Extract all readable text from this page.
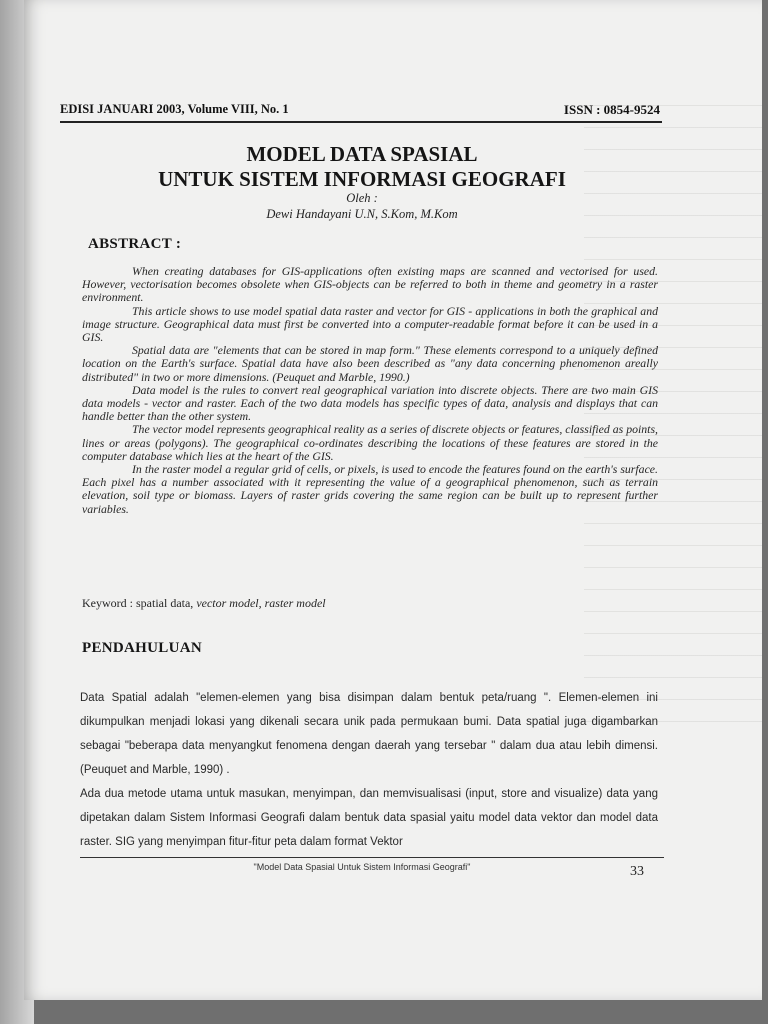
EDISI JANUARI 2003, Volume VIII, No. 1	ISSN : 0854-9524
MODEL DATA SPASIAL
UNTUK SISTEM INFORMASI GEOGRAFI
Oleh :
Dewi Handayani U.N, S.Kom, M.Kom
ABSTRACT :

When creating databases for GIS-applications often existing maps are scanned and vectorised for used. However, vectorisation becomes obsolete when GIS-objects can be referred to both in theme and geometry in a raster environment.

This article shows to use model spatial data raster and vector for GIS - applications in both the graphical and image structure. Geographical data must first be converted into a computer-readable format before it can be used in a GIS.

Spatial data are "elements that can be stored in map form." These elements correspond to a uniquely defined location on the Earth's surface. Spatial data have also been described as "any data concerning phenomenon areally distributed" in two or more dimensions. (Peuquet and Marble, 1990.)

Data model is the rules to convert real geographical variation into discrete objects. There are two main GIS data models - vector and raster. Each of the two data models has specific types of data, analysis and displays that can handle better than the other system.

The vector model represents geographical reality as a series of discrete objects or features, classified as points, lines or areas (polygons). The geographical co-ordinates describing the locations of these features are stored in the computer database which lies at the heart of the GIS.

In the raster model a regular grid of cells, or pixels, is used to encode the features found on the earth's surface. Each pixel has a number associated with it representing the value of a geographical phenomenon, such as terrain elevation, soil type or biomass. Layers of raster grids covering the same region can be built up to represent further variables.

Keyword : spatial data, vector model, raster model
PENDAHULUAN

Data Spatial adalah "elemen-elemen yang bisa disimpan dalam bentuk peta/ruang ". Elemen-elemen ini dikumpulkan menjadi lokasi yang dikenali secara unik pada permukaan bumi. Data spatial juga digambarkan sebagai "beberapa data menyangkut fenomena dengan daerah yang tersebar " dalam dua atau lebih dimensi. (Peuquet and Marble, 1990) .

Ada dua metode utama untuk masukan, menyimpan, dan memvisualisasi (input, store and visualize) data yang dipetakan dalam Sistem Informasi Geografi dalam bentuk data spasial yaitu model data vektor dan model data raster. SIG yang menyimpan fitur-fitur peta dalam format Vektor

"Model Data Spasial Untuk Sistem Informasi Geografi"	33
